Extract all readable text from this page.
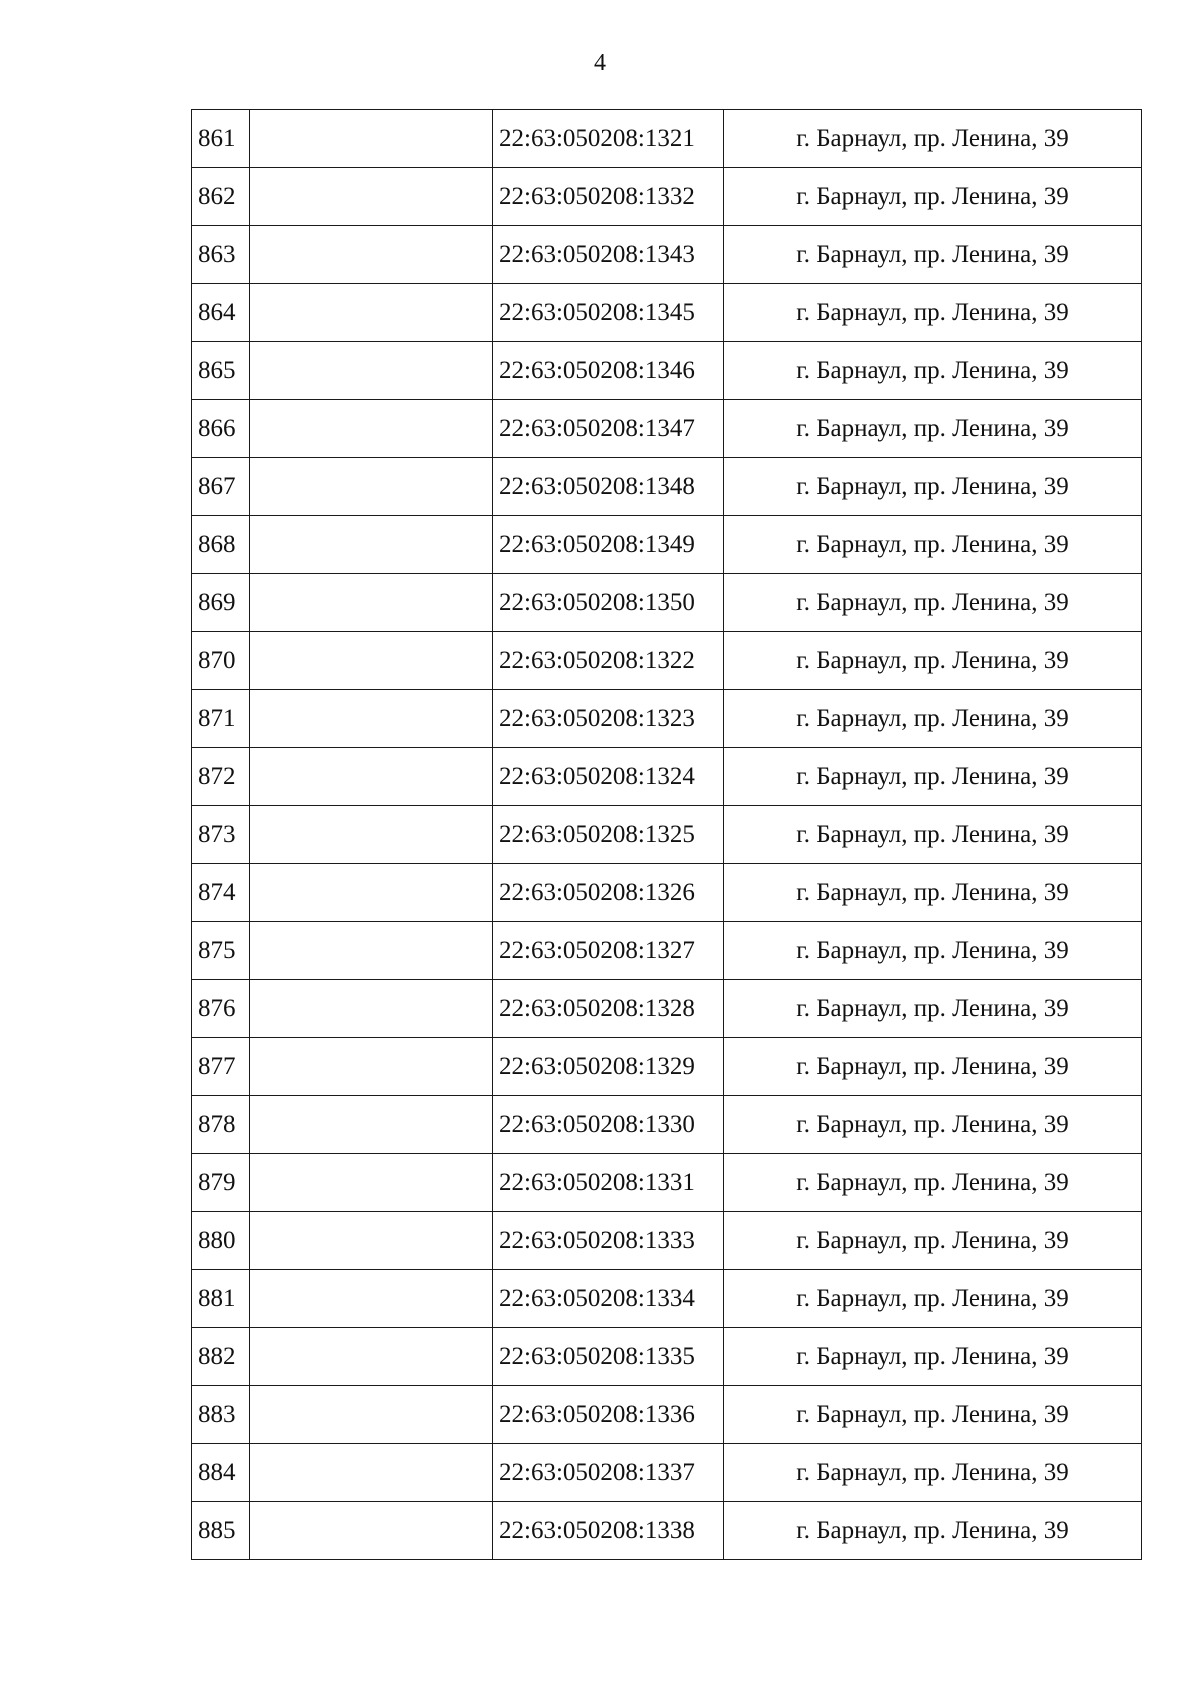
4
861		22:63:050208:1321	г. Барнаул, пр. Ленина, 39
862		22:63:050208:1332	г. Барнаул, пр. Ленина, 39
863		22:63:050208:1343	г. Барнаул, пр. Ленина, 39
864		22:63:050208:1345	г. Барнаул, пр. Ленина, 39
865		22:63:050208:1346	г. Барнаул, пр. Ленина, 39
866		22:63:050208:1347	г. Барнаул, пр. Ленина, 39
867		22:63:050208:1348	г. Барнаул, пр. Ленина, 39
868		22:63:050208:1349	г. Барнаул, пр. Ленина, 39
869		22:63:050208:1350	г. Барнаул, пр. Ленина, 39
870		22:63:050208:1322	г. Барнаул, пр. Ленина, 39
871		22:63:050208:1323	г. Барнаул, пр. Ленина, 39
872		22:63:050208:1324	г. Барнаул, пр. Ленина, 39
873		22:63:050208:1325	г. Барнаул, пр. Ленина, 39
874		22:63:050208:1326	г. Барнаул, пр. Ленина, 39
875		22:63:050208:1327	г. Барнаул, пр. Ленина, 39
876		22:63:050208:1328	г. Барнаул, пр. Ленина, 39
877		22:63:050208:1329	г. Барнаул, пр. Ленина, 39
878		22:63:050208:1330	г. Барнаул, пр. Ленина, 39
879		22:63:050208:1331	г. Барнаул, пр. Ленина, 39
880		22:63:050208:1333	г. Барнаул, пр. Ленина, 39
881		22:63:050208:1334	г. Барнаул, пр. Ленина, 39
882		22:63:050208:1335	г. Барнаул, пр. Ленина, 39
883		22:63:050208:1336	г. Барнаул, пр. Ленина, 39
884		22:63:050208:1337	г. Барнаул, пр. Ленина, 39
885		22:63:050208:1338	г. Барнаул, пр. Ленина, 39
